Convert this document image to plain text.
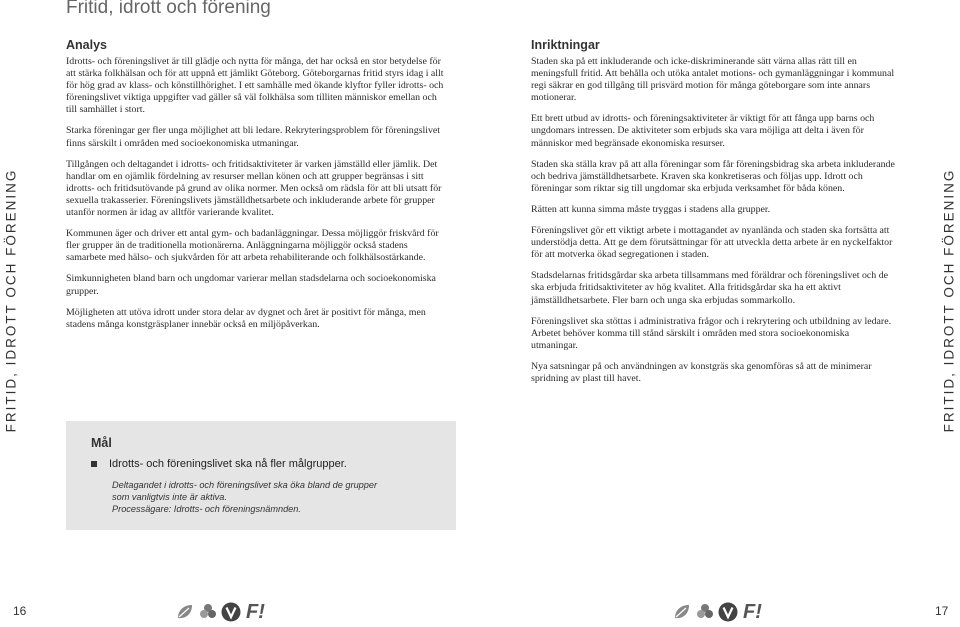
FRITID, IDROTT OCH FÖRENING	FRITID, IDROTT OCH FÖRENING
Fritid, idrott och förening
Analys

Idrotts- och föreningslivet är till glädje och nytta för många, det har också en stor betydelse för att stärka folkhälsan och för att uppnå ett jämlikt Göteborg. Göteborgarnas fritid styrs idag i allt för hög grad av klass- och könstillhörighet. I ett samhälle med ökande klyftor fyller idrotts- och föreningslivet viktiga uppgifter vad gäller så väl folkhälsa som tilliten människor emellan och till samhället i stort.

Starka föreningar ger fler unga möjlighet att bli ledare. Rekryteringsproblem för föreningslivet finns särskilt i områden med socioekonomiska utmaningar.

Tillgången och deltagandet i idrotts- och fritidsaktiviteter är varken jämställd eller jämlik. Det handlar om en ojämlik fördelning av resurser mellan könen och att grupper begränsas i sitt idrotts- och fritidsutövande på grund av olika normer. Men också om rädsla för att bli utsatt för sexuella trakasserier. Föreningslivets jämställdhetsarbete och inkluderande arbete för grupper utanför normen är idag av alltför varierande kvalitet.

Kommunen äger och driver ett antal gym- och badanläggningar. Dessa möjliggör friskvård för fler grupper än de traditionella motionärerna. Anläggningarna möjliggör också stadens samarbete med hälso- och sjukvården för att arbeta rehabiliterande och folkhälsostärkande.

Simkunnigheten bland barn och ungdomar varierar mellan stadsdelarna och socioekonomiska grupper.

Möjligheten att utöva idrott under stora delar av dygnet och året är positivt för många, men stadens många konstgräsplaner innebär också en miljöpåverkan.

Mål
Idrotts- och föreningslivet ska nå fler målgrupper.
Deltagandet i idrotts- och föreningslivet ska öka bland de grupper som vanligtvis inte är aktiva.
Processägare: Idrotts- och föreningsnämnden.
Inriktningar

Staden ska på ett inkluderande och icke-diskriminerande sätt värna allas rätt till en meningsfull fritid. Att behålla och utöka antalet motions- och gymanläggningar i kommunal regi säkrar en god tillgång till prisvärd motion för många göteborgare som inte annars motionerar.

Ett brett utbud av idrotts- och föreningsaktiviteter är viktigt för att fånga upp barns och ungdomars intressen. De aktiviteter som erbjuds ska vara möjliga att delta i även för människor med begränsade ekonomiska resurser.

Staden ska ställa krav på att alla föreningar som får föreningsbidrag ska arbeta inkluderande och bedriva jämställdhetsarbete. Kraven ska konkretiseras och följas upp. Idrott och föreningar som riktar sig till ungdomar ska erbjuda verksamhet för båda könen.

Rätten att kunna simma måste tryggas i stadens alla grupper.

Föreningslivet gör ett viktigt arbete i mottagandet av nyanlända och staden ska fortsätta att understödja detta. Att ge dem förutsättningar för att utveckla detta arbete är en nyckelfaktor för att motverka ökad segregationen i staden.

Stadsdelarnas fritidsgårdar ska arbeta tillsammans med föräldrar och föreningslivet och de ska erbjuda fritidsaktiviteter av hög kvalitet. Alla fritidsgårdar ska ha ett aktivt jämställdhetsarbete. Fler barn och unga ska erbjudas sommarkollo.

Föreningslivet ska stöttas i administrativa frågor och i rekrytering och utbildning av ledare. Arbetet behöver komma till stånd särskilt i områden med stora socioekonomiska utmaningar.

Nya satsningar på och användningen av konstgräs ska genomföras så att de minimerar spridning av plast till havet.

16	17
F!	F!
